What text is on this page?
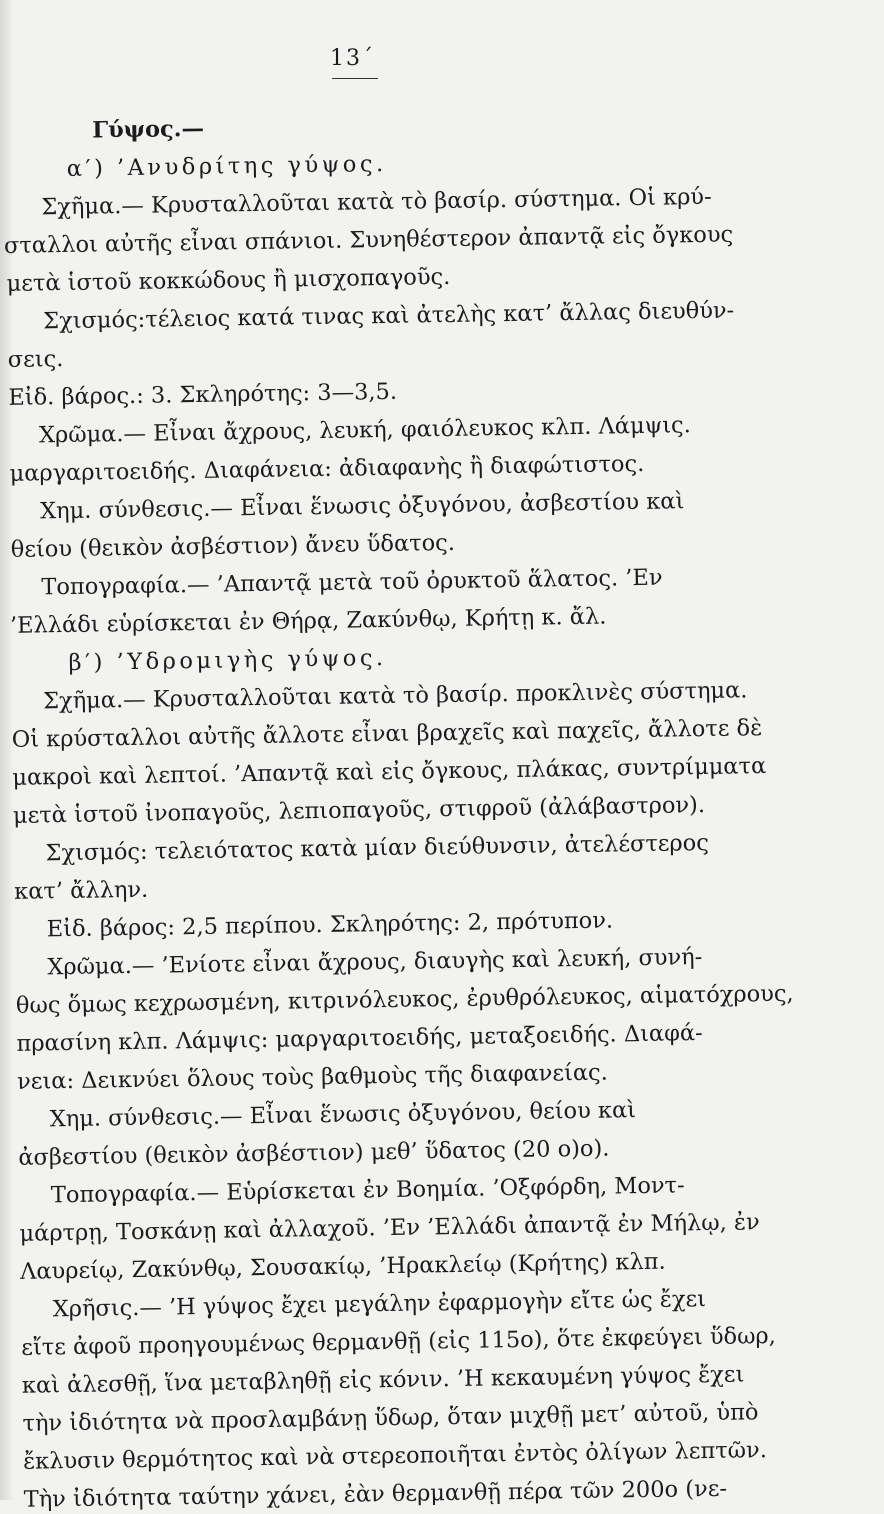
13΄
Γύψος.—
α′) ’Ανυδρίτης γύψος.
Σχῆμα.— Κρυσταλλοῦται κατὰ τὸ βασίρ. σύστημα. Οἱ κρύ-
σταλλοι αὐτῆς εἶναι σπάνιοι. Συνηθέστερον ἀπαντᾷ εἰς ὄγκους
μετὰ ἱστοῦ κοκκώδους ἢ μισχοπαγοῦς.
Σχισμός:τέλειος κατά τινας καὶ ἀτελὴς κατ’ ἄλλας διευθύν-
σεις.
Εἰδ. βάρος.: 3. Σκληρότης: 3—3,5.
Χρῶμα.— Εἶναι ἄχρους, λευκή, φαιόλευκος κλπ. Λάμψις.
μαργαριτοειδής. Διαφάνεια: ἀδιαφανὴς ἢ διαφώτιστος.
Χημ. σύνθεσις.— Εἶναι ἕνωσις ὀξυγόνου, ἀσβεστίου καὶ
θείου (θεικὸν ἀσβέστιον) ἄνευ ὕδατος.
Τοπογραφία.— ’Απαντᾷ μετὰ τοῦ ὀρυκτοῦ ἅλατος. ’Εν
’Ελλάδι εὑρίσκεται ἐν Θήρᾳ, Ζακύνθῳ, Κρήτῃ κ. ἄλ.
β′) ’Υδρομιγὴς γύψος.
Σχῆμα.— Κρυσταλλοῦται κατὰ τὸ βασίρ. προκλινὲς σύστημα.
Οἱ κρύσταλλοι αὐτῆς ἄλλοτε εἶναι βραχεῖς καὶ παχεῖς, ἄλλοτε δὲ
μακροὶ καὶ λεπτοί. ’Απαντᾷ καὶ εἰς ὄγκους, πλάκας, συντρίμματα
μετὰ ἱστοῦ ἰνοπαγοῦς, λεπιοπαγοῦς, στιφροῦ (ἀλάβαστρον).
Σχισμός: τελειότατος κατὰ μίαν διεύθυνσιν, ἀτελέστερος
κατ’ ἄλλην.
Εἰδ. βάρος: 2,5 περίπου. Σκληρότης: 2, πρότυπον.
Χρῶμα.— ’Ενίοτε εἶναι ἄχρους, διαυγὴς καὶ λευκή, συνή-
θως ὅμως κεχρωσμένη, κιτρινόλευκος, ἐρυθρόλευκος, αἱματόχρους,
πρασίνη κλπ. Λάμψις: μαργαριτοειδής, μεταξοειδής. Διαφά-
νεια: Δεικνύει ὅλους τοὺς βαθμοὺς τῆς διαφανείας.
Χημ. σύνθεσις.— Εἶναι ἕνωσις ὀξυγόνου, θείου καὶ
ἀσβεστίου (θεικὸν ἀσβέστιον) μεθ’ ὕδατος (20 ο)ο).
Τοπογραφία.— Εὑρίσκεται ἐν Βοημία. ’Οξφόρδη, Μοντ-
μάρτρῃ, Τοσκάνῃ καὶ ἀλλαχοῦ. ’Εν ’Ελλάδι ἀπαντᾷ ἐν Μήλῳ, ἐν
Λαυρείῳ, Ζακύνθῳ, Σουσακίῳ, ’Ηρακλείῳ (Κρήτης) κλπ.
Χρῆσις.— ’Η γύψος ἔχει μεγάλην ἐφαρμογὴν εἴτε ὡς ἔχει
εἴτε ἀφοῦ προηγουμένως θερμανθῇ (εἰς 115ο), ὅτε ἐκφεύγει ὕδωρ,
καὶ ἀλεσθῇ, ἵνα μεταβληθῇ εἰς κόνιν. ’Η κεκαυμένη γύψος ἔχει
τὴν ἰδιότητα νὰ προσλαμβάνῃ ὕδωρ, ὅταν μιχθῇ μετ’ αὐτοῦ, ὑπὸ
ἔκλυσιν θερμότητος καὶ νὰ στερεοποιῆται ἐντὸς ὀλίγων λεπτῶν.
Τὴν ἰδιότητα ταύτην χάνει, ἐὰν θερμανθῇ πέρα τῶν 200ο (νε-
